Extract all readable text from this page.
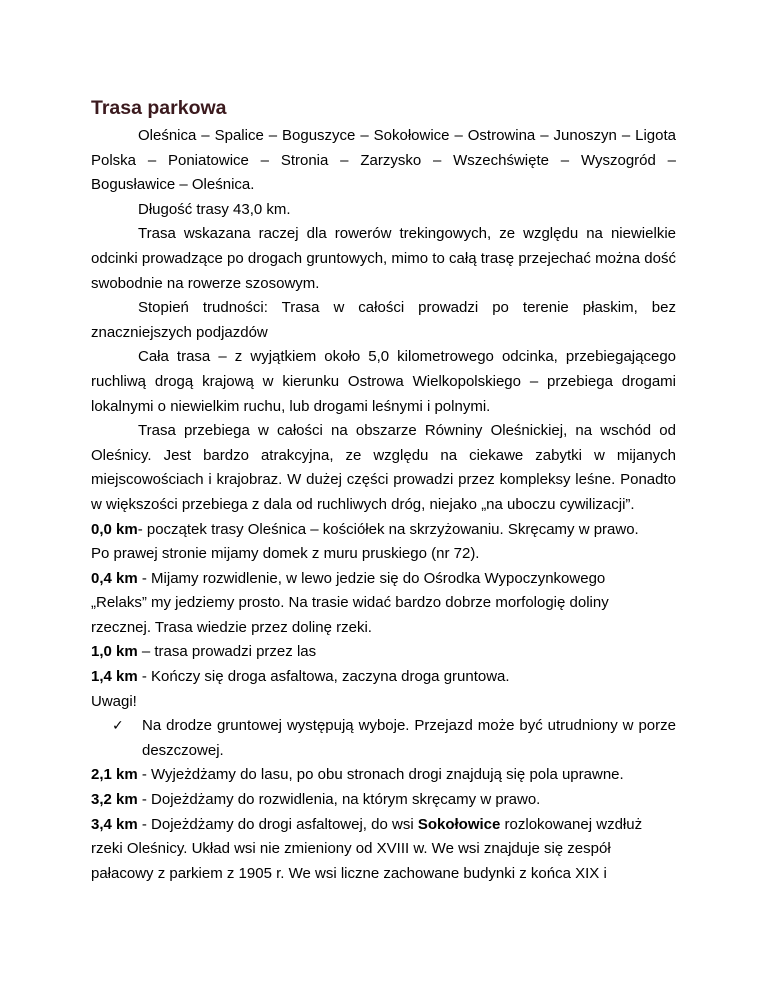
Trasa parkowa

Oleśnica – Spalice – Boguszyce – Sokołowice – Ostrowina – Junoszyn – Ligota Polska – Poniatowice – Stronia – Zarzysko – Wszechświęte – Wyszogród – Bogusławice – Oleśnica.

Długość trasy 43,0 km.

Trasa wskazana raczej dla rowerów trekingowych, ze względu na niewielkie odcinki prowadzące po drogach gruntowych, mimo to całą trasę przejechać można dość swobodnie na rowerze szosowym.

Stopień trudności: Trasa w całości prowadzi po terenie płaskim, bez znaczniejszych podjazdów

Cała trasa – z wyjątkiem około 5,0 kilometrowego odcinka, przebiegającego ruchliwą drogą krajową w kierunku Ostrowa Wielkopolskiego – przebiega drogami lokalnymi o niewielkim ruchu, lub drogami leśnymi i polnymi.

Trasa przebiega w całości na obszarze Równiny Oleśnickiej, na wschód od Oleśnicy. Jest bardzo atrakcyjna, ze względu na ciekawe zabytki w mijanych miejscowościach i krajobraz. W dużej części prowadzi przez kompleksy leśne. Ponadto w większości przebiega z dala od ruchliwych dróg, niejako „na uboczu cywilizacji”.

0,0 km- początek trasy Oleśnica – kościółek na skrzyżowaniu. Skręcamy w prawo.

Po prawej stronie mijamy domek z muru pruskiego (nr 72).

0,4 km - Mijamy rozwidlenie, w lewo jedzie się do Ośrodka Wypoczynkowego

„Relaks” my jedziemy prosto. Na trasie widać bardzo dobrze morfologię doliny

rzecznej. Trasa wiedzie przez dolinę rzeki.

1,0 km – trasa prowadzi przez las

1,4 km - Kończy się droga asfaltowa, zaczyna droga gruntowa.

Uwagi!

✓	Na drodze gruntowej występują wyboje. Przejazd może być utrudniony w porze deszczowej.

2,1 km - Wyjeżdżamy do lasu, po obu stronach drogi znajdują się pola uprawne.

3,2 km - Dojeżdżamy do rozwidlenia, na którym skręcamy w prawo.

3,4 km - Dojeżdżamy do drogi asfaltowej, do wsi Sokołowice rozlokowanej wzdłuż

rzeki Oleśnicy. Układ wsi nie zmieniony od XVIII w. We wsi znajduje się zespół

pałacowy z parkiem z 1905 r. We wsi liczne zachowane budynki z końca XIX i
